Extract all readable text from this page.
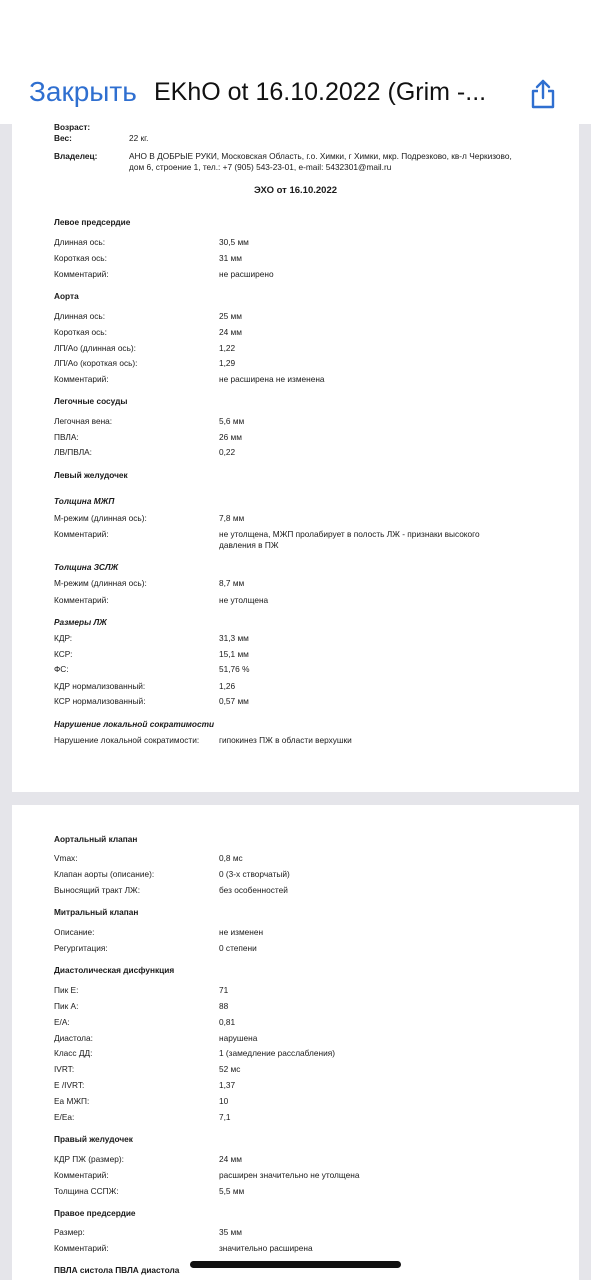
Закрыть EKhO ot 16.10.2022 (Grim -...
Возраст:
Вес:	22 кг.
Владелец:	АНО В ДОБРЫЕ РУКИ, Московская Область, г.о. Химки, г Химки, мкр. Подрезково, кв-л Черкизово,
дом 6, строение 1, тел.: +7 (905) 543-23-01, e-mail: 5432301@mail.ru
ЭХО от 16.10.2022
Левое предсердие
Длинная ось:	30,5 мм
Короткая ось:	31 мм
Комментарий:	не расширено
Аорта
Длинная ось:	25 мм
Короткая ось:	24 мм
ЛП/Ао (длинная ось):	1,22
ЛП/Ао (короткая ось):	1,29
Комментарий:	не расширена не изменена
Легочные сосуды
Легочная вена:	5,6 мм
ПВЛА:	26 мм
ЛВ/ПВЛА:	0,22
Левый желудочек
Толщина МЖП
М-режим (длинная ось):	7,8 мм
Комментарий:	не утолщена, МЖП пролабирует в полость ЛЖ - признаки высокого
давления в ПЖ
Толщина ЗСЛЖ
М-режим (длинная ось):	8,7 мм
Комментарий:	не утолщена
Размеры ЛЖ
КДР:	31,3 мм
КСР:	15,1 мм
ФС:	51,76 %
КДР нормализованный:	1,26
КСР нормализованный:	0,57 мм
Нарушение локальной сократимости
Нарушение локальной сократимости: гипокинез ПЖ в области верхушки
Аортальный клапан
Vmax:	0,8 мс
Клапан аорты (описание):	0 (3-х створчатый)
Выносящий тракт ЛЖ:	без особенностей
Митральный клапан
Описание:	не изменен
Регургитация:	0 степени
Диастолическая дисфункция
Пик Е:	71
Пик А:	88
E/A:	0,81
Диастола:	нарушена
Класс ДД:	1 (замедление расслабления)
IVRT:	52 мс
E /IVRT:	1,37
Ea МЖП:	10
E/Ea:	7,1
Правый желудочек
КДР ПЖ (размер):	24 мм
Комментарий:	расширен значительно не утолщена
Толщина ССПЖ:	5,5 мм
Правое предсердие
Размер:	35 мм
Комментарий:	значительно расширена
ПВЛА систола ПВЛА диастола
